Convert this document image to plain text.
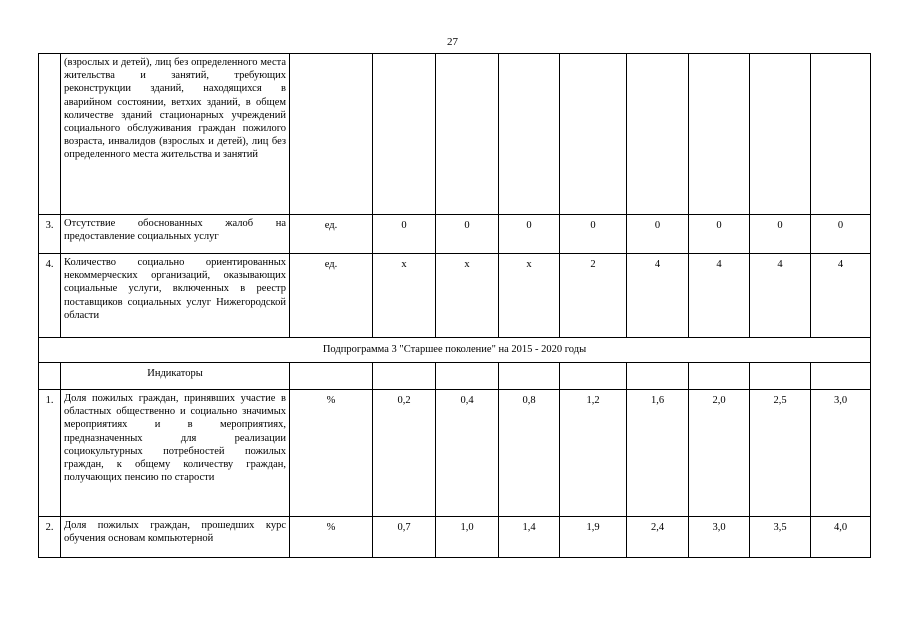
27
	(взрослых и детей), лиц без определенного места жительства и занятий, требующих реконструкции зданий, находящихся в аварийном состоянии, ветхих зданий, в общем количестве зданий стационарных учреждений социального обслуживания граждан пожилого возраста, инвалидов (взрослых и детей), лиц без определенного места жительства и занятий									
3.	Отсутствие обоснованных жалоб на предоставление социальных услуг	ед.	0	0	0	0	0	0	0	0
4.	Количество социально ориентированных некоммерческих организаций, оказывающих социальные услуги, включенных в реестр поставщиков социальных услуг Нижегородской области	ед.	x	x	x	2	4	4	4	4
Подпрограмма 3 "Старшее поколение" на 2015 - 2020 годы										
	Индикаторы									
1.	Доля пожилых граждан, принявших участие в областных общественно и социально значимых мероприятиях и в мероприятиях, предназначенных для реализации социокультурных потребностей пожилых граждан, к общему количеству граждан, получающих пенсию по старости	%	0,2	0,4	0,8	1,2	1,6	2,0	2,5	3,0
2.	Доля пожилых граждан, прошедших курс обучения основам компьютерной	%	0,7	1,0	1,4	1,9	2,4	3,0	3,5	4,0
